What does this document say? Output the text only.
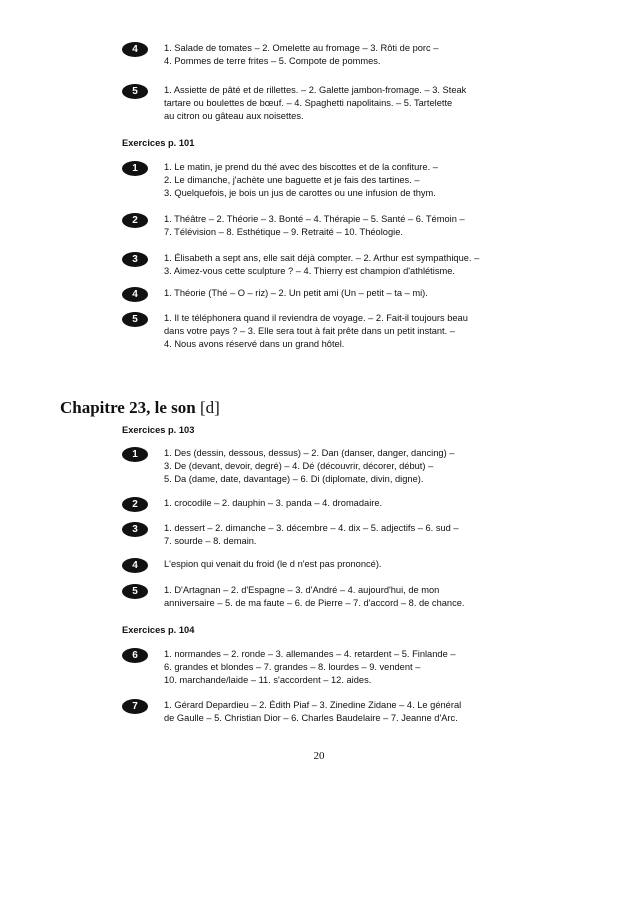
4	1. Salade de tomates – 2. Omelette au fromage – 3. Rôti de porc –
4. Pommes de terre frites – 5. Compote de pommes.
5	1. Assiette de pâté et de rillettes. – 2. Galette jambon-fromage. – 3. Steak
tartare ou boulettes de bœuf. – 4. Spaghetti napolitains. – 5. Tartelette
au citron ou gâteau aux noisettes.
Exercices p. 101
1	1. Le matin, je prend du thé avec des biscottes et de la confiture. –
2. Le dimanche, j'achète une baguette et je fais des tartines. –
3. Quelquefois, je bois un jus de carottes ou une infusion de thym.
2	1. Théâtre – 2. Théorie – 3. Bonté – 4. Thérapie – 5. Santé – 6. Témoin –
7. Télévision – 8. Esthétique – 9. Retraité – 10. Théologie.
3	1. Élisabeth a sept ans, elle sait déjà compter. – 2. Arthur est sympathique. –
3. Aimez-vous cette sculpture ? – 4. Thierry est champion d'athlétisme.
4	1. Théorie (Thé – O – riz) – 2. Un petit ami (Un – petit – ta – mi).
5	1. Il te téléphonera quand il reviendra de voyage. – 2. Fait-il toujours beau
dans votre pays ? – 3. Elle sera tout à fait prête dans un petit instant. –
4. Nous avons réservé dans un grand hôtel.
Chapitre 23, le son [d]
Exercices p. 103
1	1. Des (dessin, dessous, dessus) – 2. Dan (danser, danger, dancing) –
3. De (devant, devoir, degré) – 4. Dé (découvrir, décorer, début) –
5. Da (dame, date, davantage) – 6. Di (diplomate, divin, digne).
2	1. crocodile – 2. dauphin – 3. panda – 4. dromadaire.
3	1. dessert – 2. dimanche – 3. décembre – 4. dix – 5. adjectifs – 6. sud –
7. sourde – 8. demain.
4	L'espion qui venait du froid (le d n'est pas prononcé).
5	1. D'Artagnan – 2. d'Espagne – 3. d'André – 4. aujourd'hui, de mon
anniversaire – 5. de ma faute – 6. de Pierre – 7. d'accord – 8. de chance.
Exercices p. 104
6	1. normandes – 2. ronde – 3. allemandes – 4. retardent – 5. Finlande –
6. grandes et blondes – 7. grandes – 8. lourdes – 9. vendent –
10. marchande/laide – 11. s'accordent – 12. aides.
7	1. Gérard Depardieu – 2. Édith Piaf – 3. Zinedine Zidane – 4. Le général
de Gaulle – 5. Christian Dior – 6. Charles Baudelaire – 7. Jeanne d'Arc.
20
